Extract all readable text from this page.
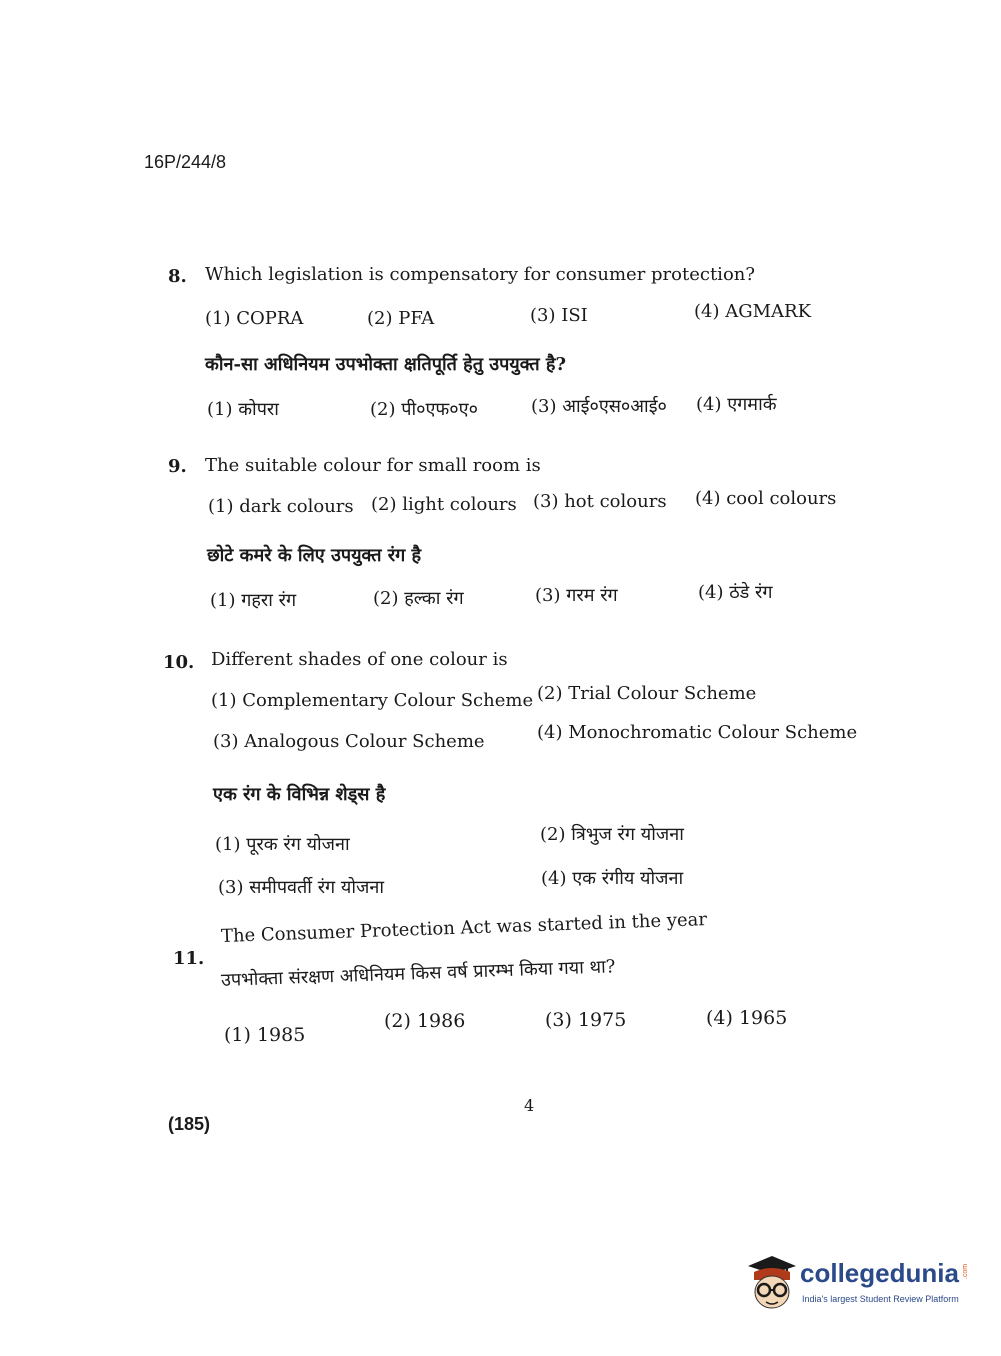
16P/244/8
8. Which legislation is compensatory for consumer protection?
(1) COPRA	(2) PFA	(3) ISI	(4) AGMARK
कौन-सा अधिनियम उपभोक्ता क्षतिपूर्ति हेतु उपयुक्त है?
(1) कोपरा	(2) पी०एफ०ए०	(3) आई०एस०आई० (4) एगमार्क
9. The suitable colour for small room is
(1) dark colours (2) light colours (3) hot colours (4) cool colours
छोटे कमरे के लिए उपयुक्त रंग है
(1) गहरा रंग	(2) हल्का रंग	(3) गरम रंग	(4) ठंडे रंग
10. Different shades of one colour is
(1) Complementary Colour Scheme (2) Trial Colour Scheme
(3) Analogous Colour Scheme	(4) Monochromatic Colour Scheme
एक रंग के विभिन्न शेड्स है
(1) पूरक रंग योजना	(2) त्रिभुज रंग योजना
(3) समीपवर्ती रंग योजना	(4) एक रंगीय योजना
11.
The Consumer Protection Act was started in the year
उपभोक्ता संरक्षण अधिनियम किस वर्ष प्रारम्भ किया गया था?
(1) 1985
(2) 1986	(3) 1975	(4) 1965
4
(185)
collegedunia .com
India's largest Student Review Platform
